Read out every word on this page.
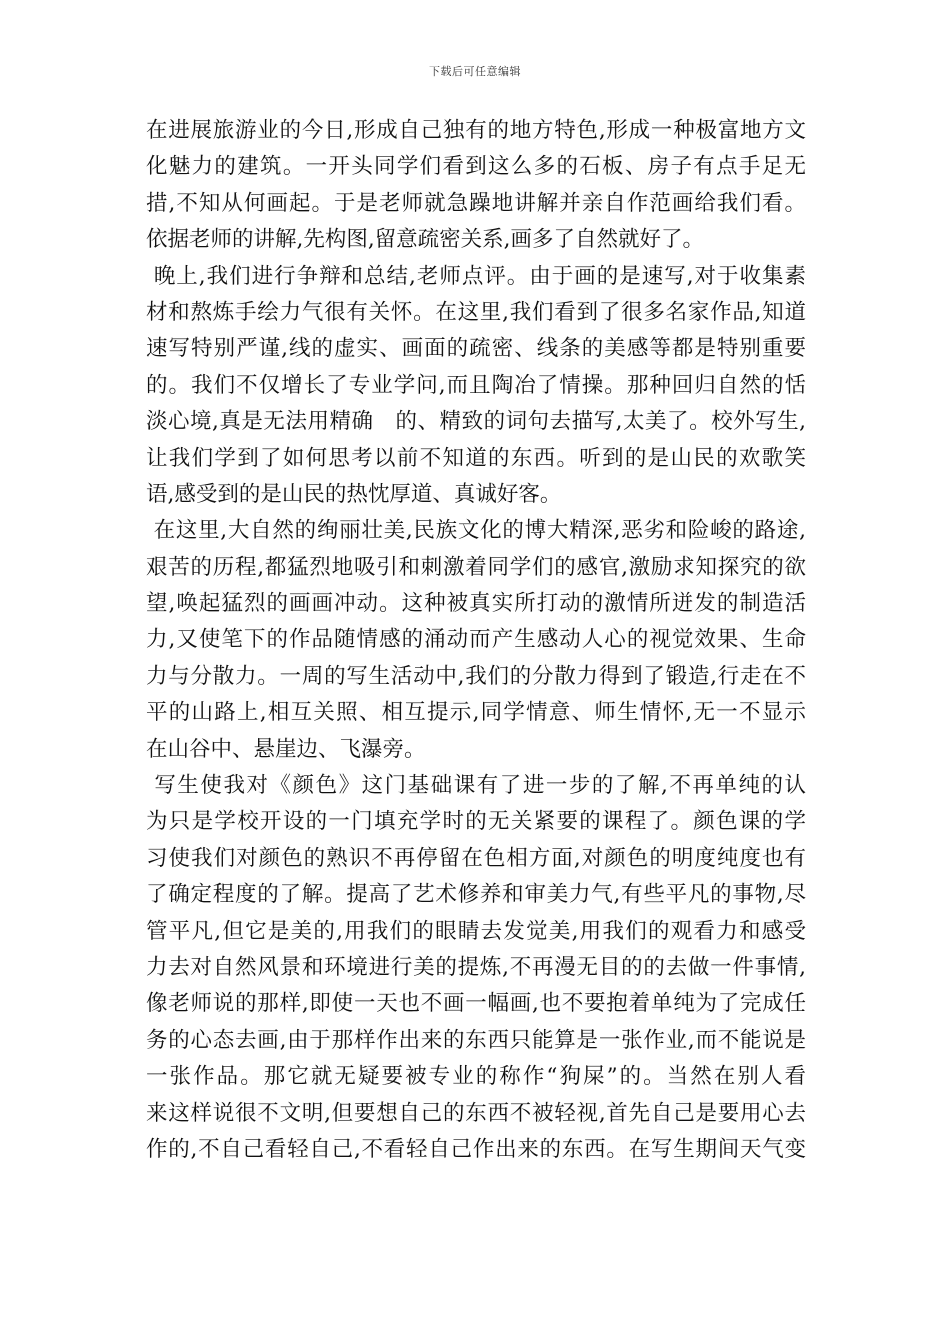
下载后可任意编辑
在进展旅游业的今日,形成自己独有的地方特色,形成一种极富地方文
化魅力的建筑。一开头同学们看到这么多的石板、房子有点手足无
措,不知从何画起。于是老师就急躁地讲解并亲自作范画给我们看。
依据老师的讲解,先构图,留意疏密关系,画多了自然就好了。
晚上,我们进行争辩和总结,老师点评。由于画的是速写,对于收集素
材和熬炼手绘力气很有关怀。在这里,我们看到了很多名家作品,知道
速写特别严谨,线的虚实、画面的疏密、线条的美感等都是特别重要
的。我们不仅增长了专业学问,而且陶冶了情操。那种回归自然的恬
淡心境,真是无法用精确　的、精致的词句去描写,太美了。校外写生,
让我们学到了如何思考以前不知道的东西。听到的是山民的欢歌笑
语,感受到的是山民的热忱厚道、真诚好客。
在这里,大自然的绚丽壮美,民族文化的博大精深,恶劣和险峻的路途,
艰苦的历程,都猛烈地吸引和刺激着同学们的感官,激励求知探究的欲
望,唤起猛烈的画画冲动。这种被真实所打动的激情所迸发的制造活
力,又使笔下的作品随情感的涌动而产生感动人心的视觉效果、生命
力与分散力。一周的写生活动中,我们的分散力得到了锻造,行走在不
平的山路上,相互关照、相互提示,同学情意、师生情怀,无一不显示
在山谷中、悬崖边、飞瀑旁。
写生使我对《颜色》这门基础课有了进一步的了解,不再单纯的认
为只是学校开设的一门填充学时的无关紧要的课程了。颜色课的学
习使我们对颜色的熟识不再停留在色相方面,对颜色的明度纯度也有
了确定程度的了解。提高了艺术修养和审美力气,有些平凡的事物,尽
管平凡,但它是美的,用我们的眼睛去发觉美,用我们的观看力和感受
力去对自然风景和环境进行美的提炼,不再漫无目的的去做一件事情,
像老师说的那样,即使一天也不画一幅画,也不要抱着单纯为了完成任
务的心态去画,由于那样作出来的东西只能算是一张作业,而不能说是
一张作品。那它就无疑要被专业的称作“狗屎”的。当然在别人看
来这样说很不文明,但要想自己的东西不被轻视,首先自己是要用心去
作的,不自己看轻自己,不看轻自己作出来的东西。在写生期间天气变
